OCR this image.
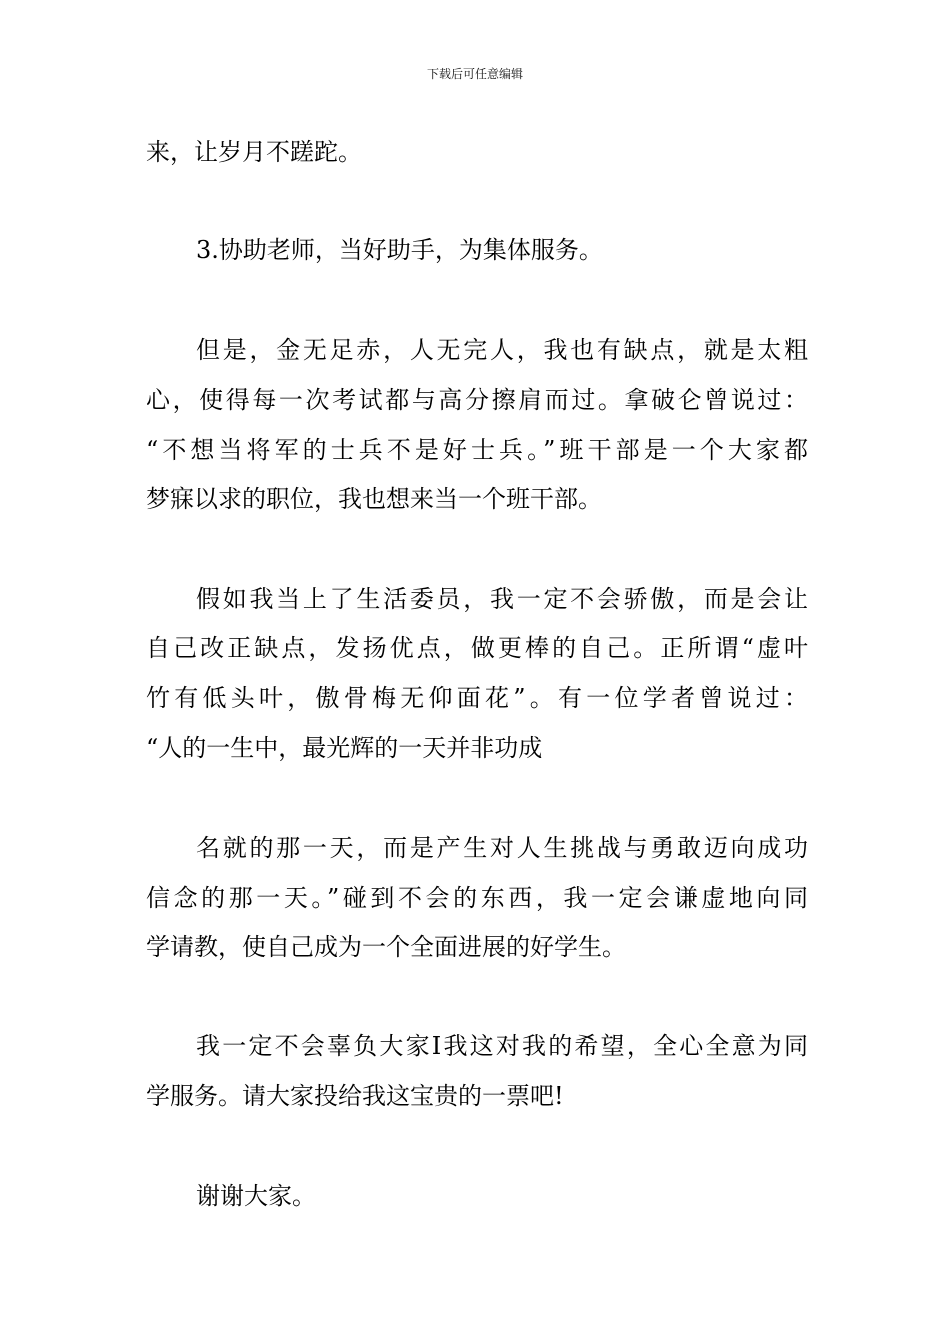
下载后可任意编辑
来，让岁月不蹉跎。
3.协助老师，当好助手，为集体服务。
但是，金无足赤，人无完人，我也有缺点，就是太粗
心，使得每一次考试都与高分擦肩而过。拿破仑曾说过：
“不想当将军的士兵不是好士兵。”班干部是一个大家都
梦寐以求的职位，我也想来当一个班干部。
假如我当上了生活委员，我一定不会骄傲，而是会让
自己改正缺点，发扬优点，做更棒的自己。正所谓“虚叶
竹有低头叶，傲骨梅无仰面花”。有一位学者曾说过：
“人的一生中，最光辉的一天并非功成
名就的那一天，而是产生对人生挑战与勇敢迈向成功
信念的那一天。”碰到不会的东西，我一定会谦虚地向同
学请教，使自己成为一个全面进展的好学生。
我一定不会辜负大家I我这对我的希望，全心全意为同
学服务。请大家投给我这宝贵的一票吧!
谢谢大家。
